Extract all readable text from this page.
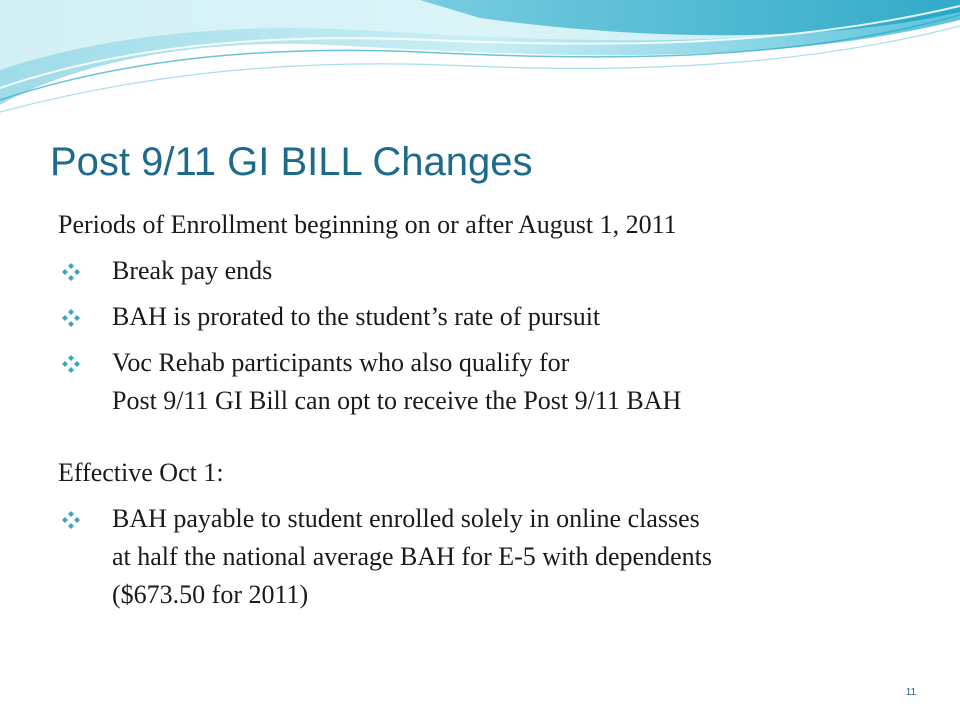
Post 9/11 GI BILL Changes

Periods of Enrollment beginning on or after August 1, 2011

Break pay ends
BAH is prorated to the student’s rate of pursuit
Voc Rehab participants who also qualify for
Post 9/11 GI Bill can opt to receive the Post 9/11 BAH

Effective Oct 1:

BAH payable to student enrolled solely in online classes
at half the national average BAH for E-5 with dependents
($673.50 for 2011)
11
